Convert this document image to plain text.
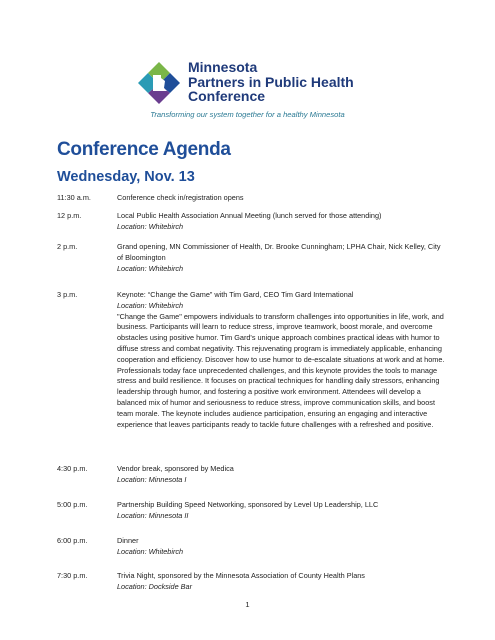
Minnesota
Partners in Public Health
Conference
Transforming our system together for a healthy Minnesota
Conference Agenda
Wednesday, Nov. 13
11:30 a.m.	Conference check in/registration opens
12 p.m.	Local Public Health Association Annual Meeting (lunch served for those attending)
Location: Whitebirch
2 p.m.	Grand opening, MN Commissioner of Health, Dr. Brooke Cunningham; LPHA Chair, Nick Kelley, City of Bloomington
Location: Whitebirch
3 p.m.	Keynote: “Change the Game” with Tim Gard, CEO Tim Gard International
Location: Whitebirch
"Change the Game" empowers individuals to transform challenges into opportunities in life, work, and business. Participants will learn to reduce stress, improve teamwork, boost morale, and overcome obstacles using positive humor. Tim Gard's unique approach combines practical ideas with humor to diffuse stress and combat negativity. This rejuvenating program is immediately applicable, enhancing cooperation and efficiency. Discover how to use humor to de-escalate situations at work and at home. Professionals today face unprecedented challenges, and this keynote provides the tools to manage stress and build resilience. It focuses on practical techniques for handling daily stressors, enhancing leadership through humor, and fostering a positive work environment. Attendees will develop a balanced mix of humor and seriousness to reduce stress, improve communication skills, and boost team morale. The keynote includes audience participation, ensuring an engaging and interactive experience that leaves participants ready to tackle future challenges with a refreshed and positive.
4:30 p.m.	Vendor break, sponsored by Medica
Location: Minnesota I
5:00 p.m.	Partnership Building Speed Networking, sponsored by Level Up Leadership, LLC
Location: Minnesota II
6:00 p.m.	Dinner
Location: Whitebirch
7:30 p.m.	Trivia Night, sponsored by the Minnesota Association of County Health Plans
Location: Dockside Bar
1
